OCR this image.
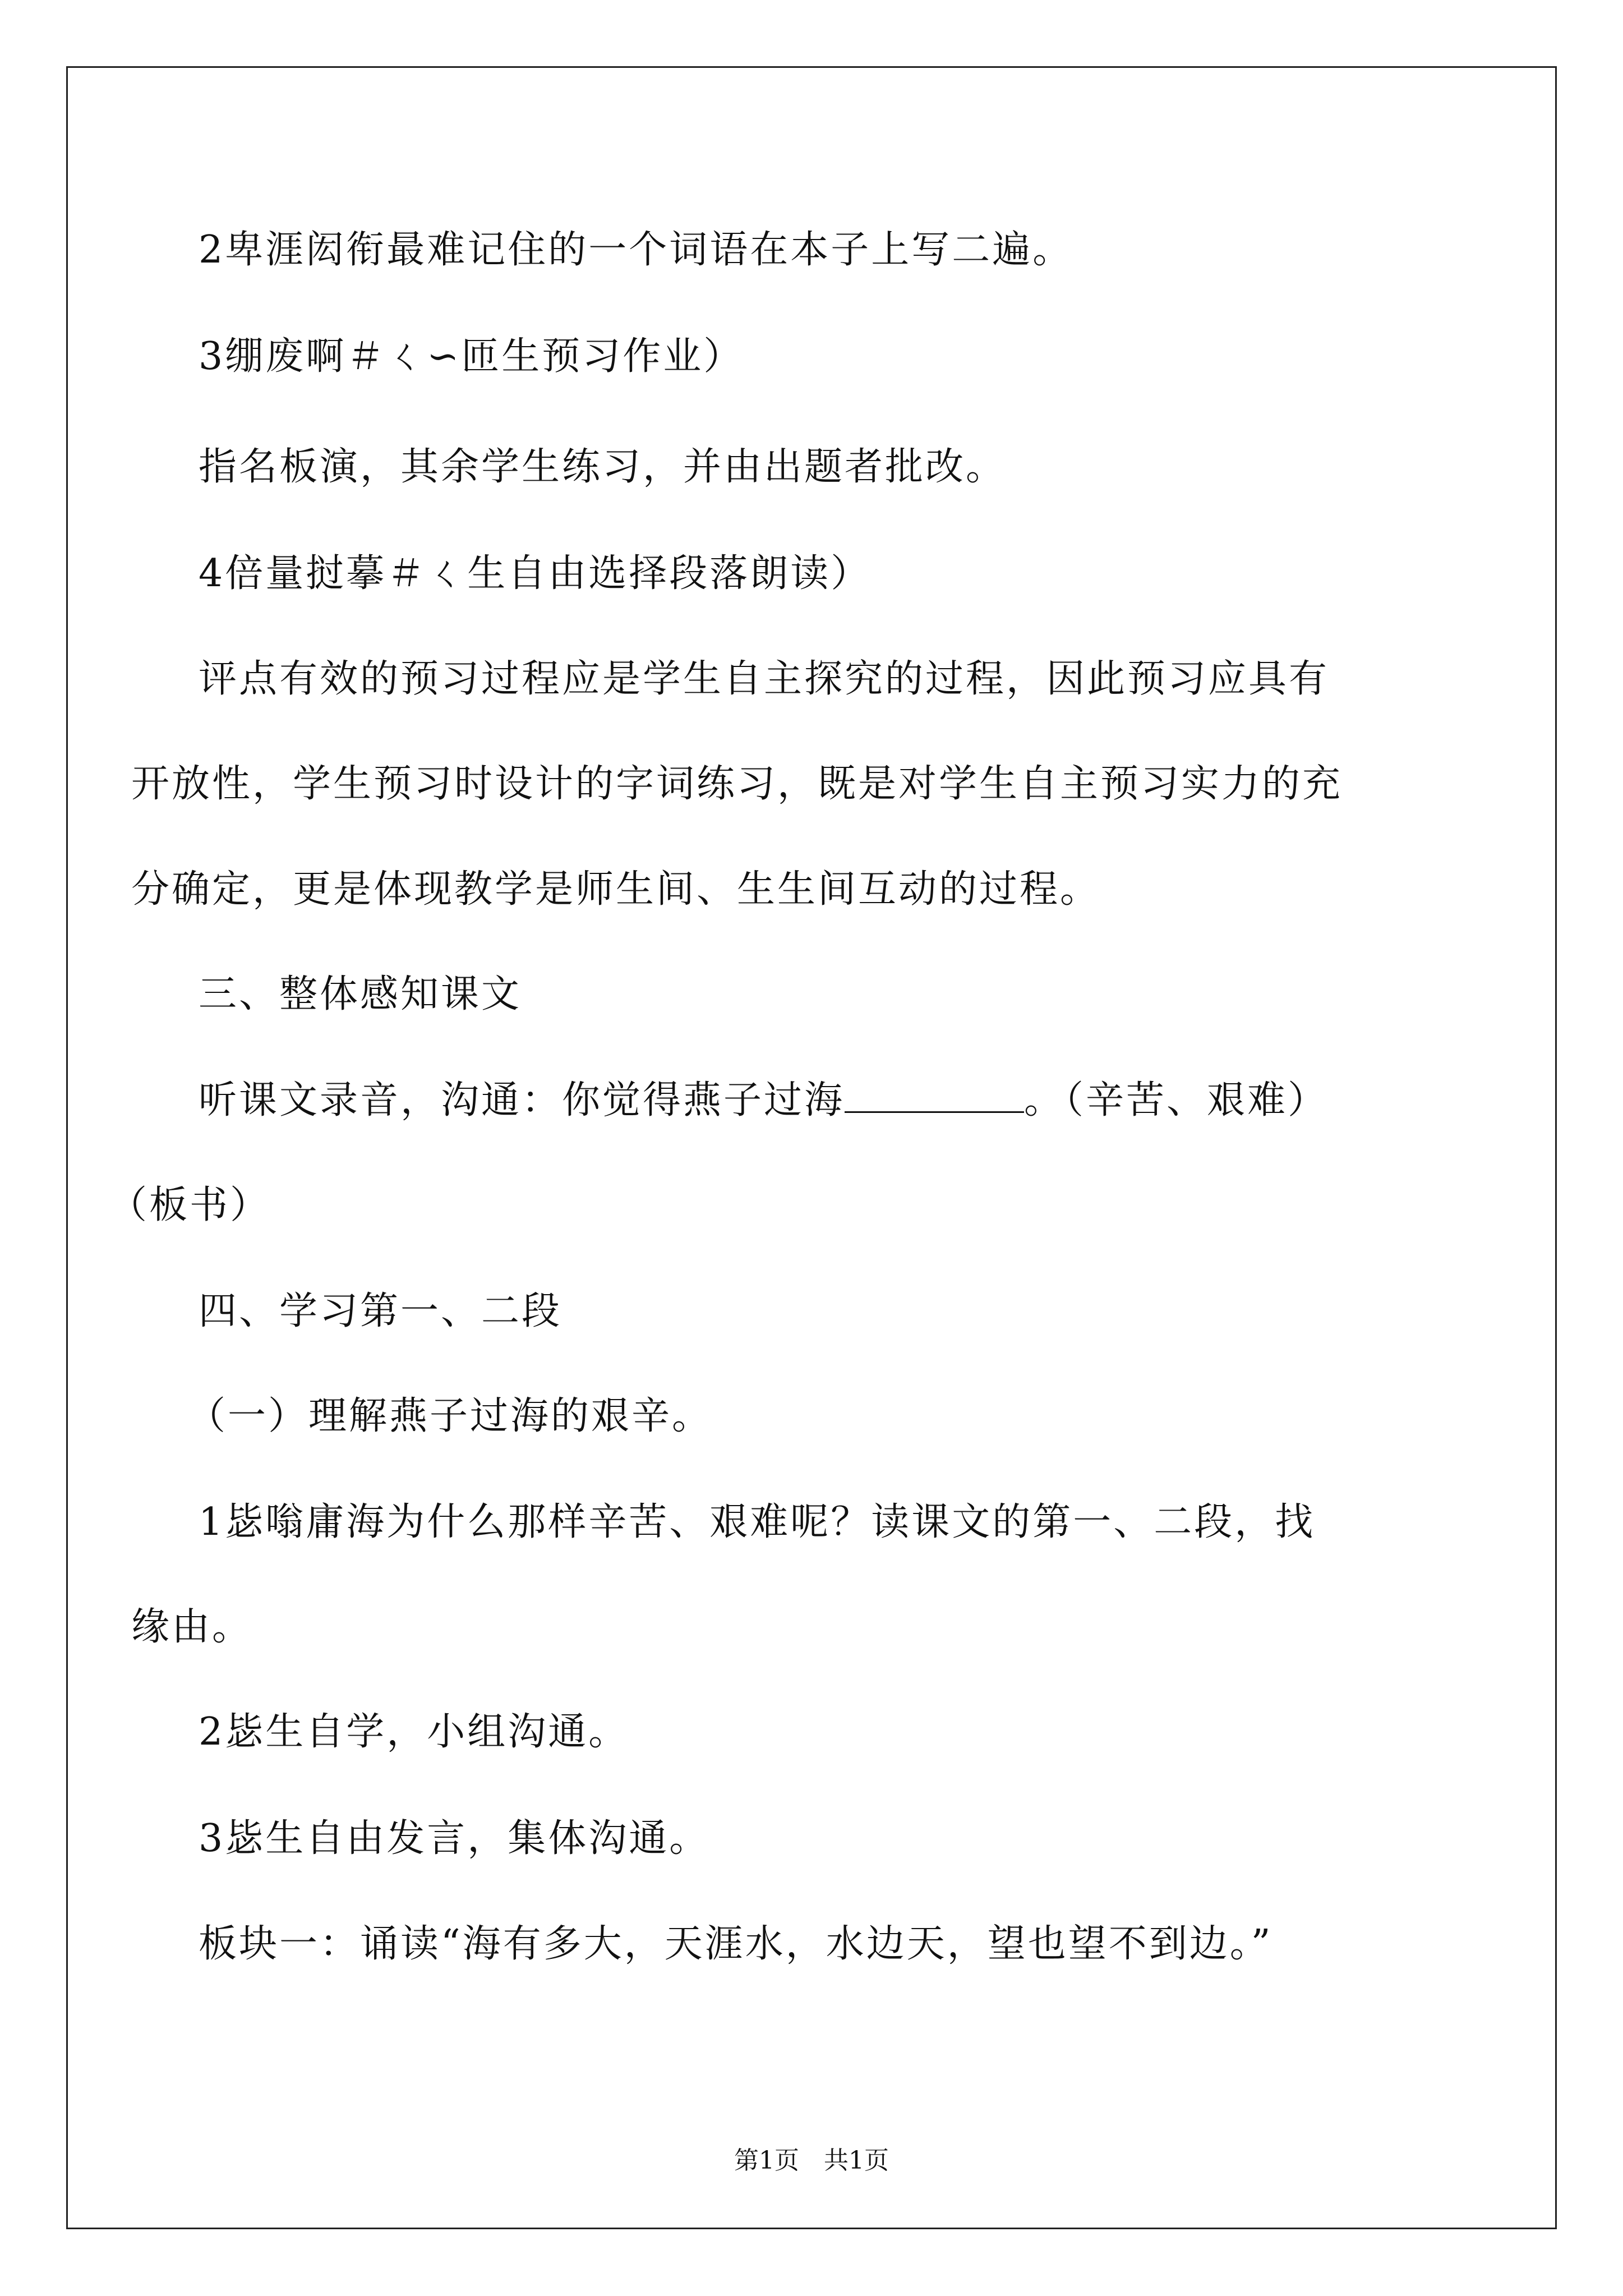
2卑涯闳衔最难记住的一个词语在本子上写二遍。

3绷废啊＃ㄑ∽匝生预习作业）

指名板演，其余学生练习，并由出题者批改。

4倍量挝摹＃ㄑ生自由选择段落朗读）

评点有效的预习过程应是学生自主探究的过程，因此预习应具有

开放性，学生预习时设计的字词练习，既是对学生自主预习实力的充

分确定，更是体现教学是师生间、生生间互动的过程。

三、整体感知课文

听课文录音，沟通：你觉得燕子过海	。（辛苦、艰难）

（板书）

四、学习第一、二段

（一）理解燕子过海的艰辛。

1毖嗡庸海为什么那样辛苦、艰难呢？读课文的第一、二段，找

缘由。

2毖生自学，小组沟通。

3毖生自由发言，集体沟通。

板块一：诵读“海有多大，天涯水，水边天，望也望不到边。”

第1页　共1页
